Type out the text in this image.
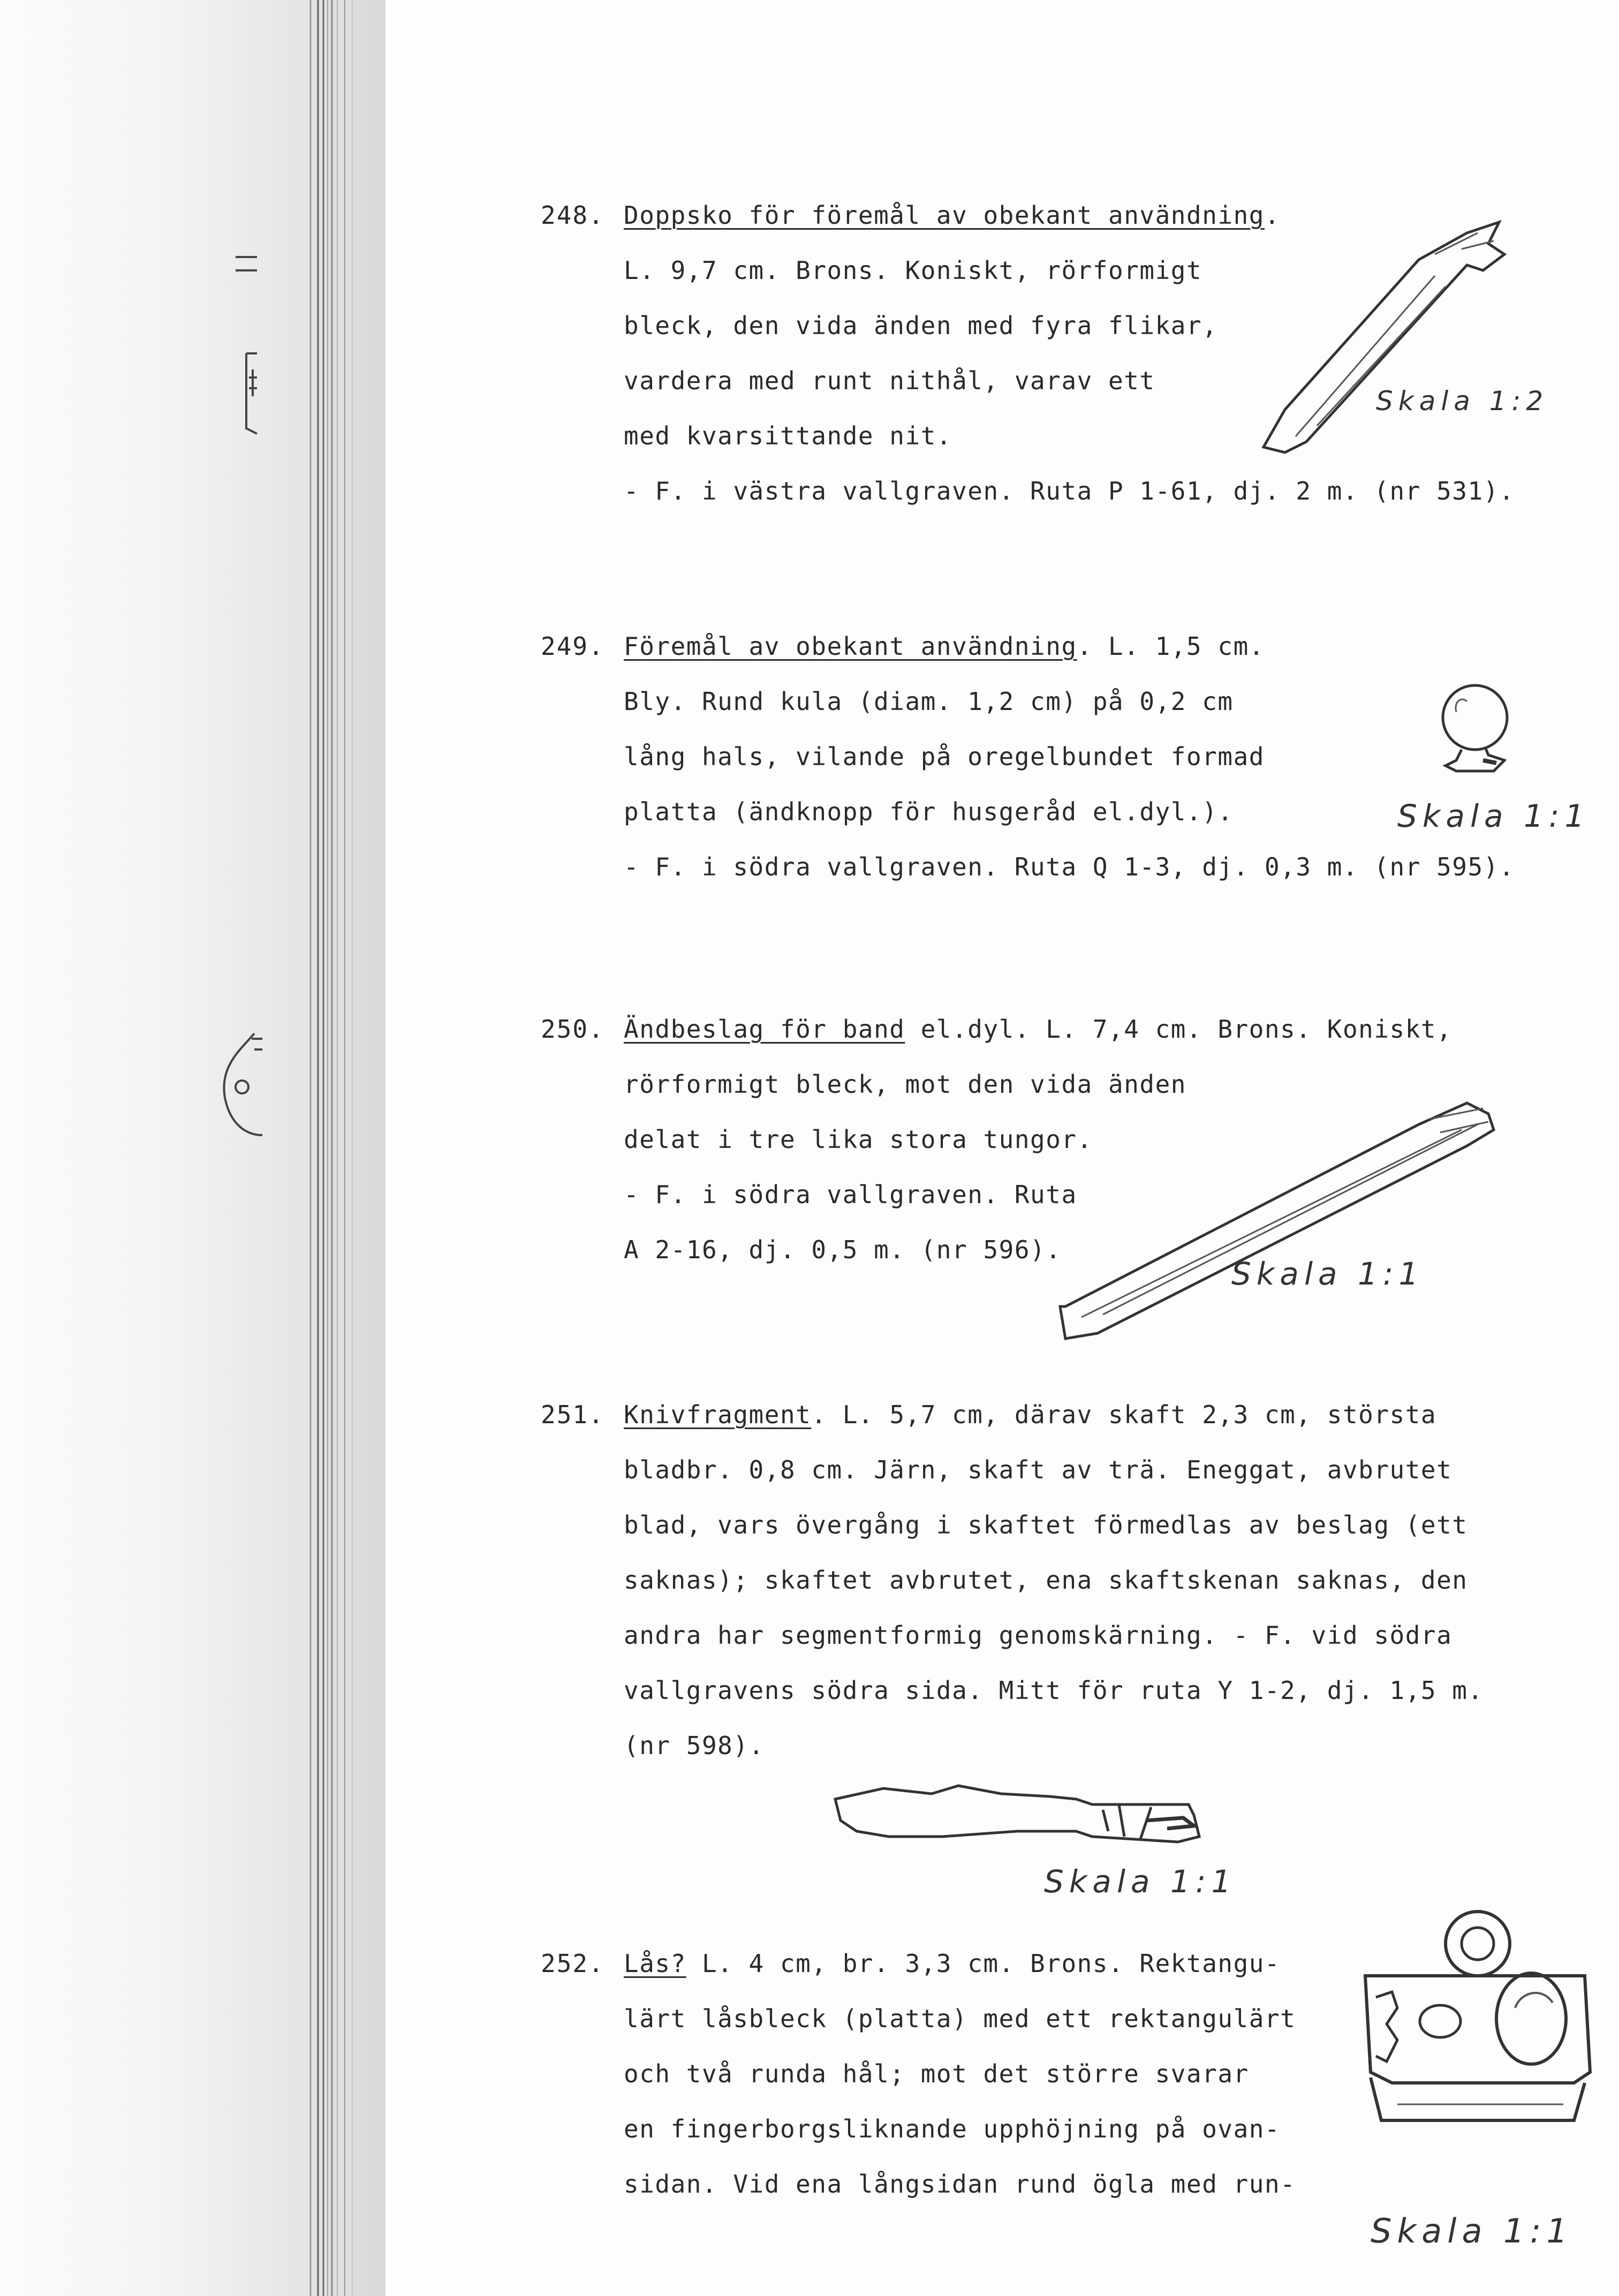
248. Doppsko för föremål av obekant användning.
L. 9,7 cm. Brons. Koniskt, rörformigt
bleck, den vida änden med fyra flikar,
vardera med runt nithål, varav ett
med kvarsittande nit.
- F. i västra vallgraven. Ruta P 1-61, dj. 2 m. (nr 531).
Skala 1:2
249. Föremål av obekant användning. L. 1,5 cm.
Bly. Rund kula (diam. 1,2 cm) på 0,2 cm
lång hals, vilande på oregelbundet formad
platta (ändknopp för husgeråd el.dyl.).
- F. i södra vallgraven. Ruta Q 1-3, dj. 0,3 m. (nr 595).
Skala 1:1
250. Ändbeslag för band el.dyl. L. 7,4 cm. Brons. Koniskt,
rörformigt bleck, mot den vida änden
delat i tre lika stora tungor.
- F. i södra vallgraven. Ruta
A 2-16, dj. 0,5 m. (nr 596).
Skala 1:1
251. Knivfragment. L. 5,7 cm, därav skaft 2,3 cm, största
bladbr. 0,8 cm. Järn, skaft av trä. Eneggat, avbrutet
blad, vars övergång i skaftet förmedlas av beslag (ett
saknas); skaftet avbrutet, ena skaftskenan saknas, den
andra har segmentformig genomskärning. - F. vid södra
vallgravens södra sida. Mitt för ruta Y 1-2, dj. 1,5 m.
(nr 598).
Skala 1:1
252. Lås? L. 4 cm, br. 3,3 cm. Brons. Rektangu-
lärt låsbleck (platta) med ett rektangulärt
och två runda hål; mot det större svarar
en fingerborgsliknande upphöjning på ovan-
sidan. Vid ena långsidan rund ögla med run-
Skala 1:1
